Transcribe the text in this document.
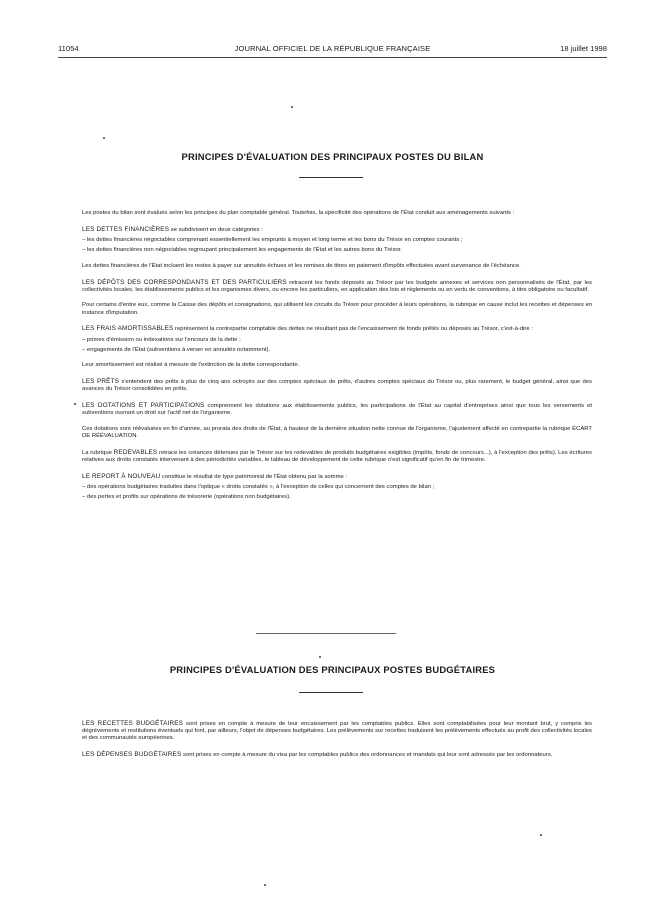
11054	JOURNAL OFFICIEL DE LA RÉPUBLIQUE FRANÇAISE	18 juillet 1998
PRINCIPES D'ÉVALUATION DES PRINCIPAUX POSTES DU BILAN

Les postes du bilan sont évalués selon les principes du plan comptable général. Toutefois, la spécificité des opérations de l'État conduit aux aménagements suivants :

LES DETTES FINANCIÈRES se subdivisent en deux catégories :

– les dettes financières négociables comprenant essentiellement les emprunts à moyen et long terme et les bons du Trésor en comptes courants ;

– les dettes financières non négociables regroupant principalement les engagements de l'État et les autres bons du Trésor.

Les dettes financières de l'État incluent les restes à payer sur annuités échues et les remises de titres en paiement d'impôts effectuées avant survenance de l'échéance.

LES DÉPÔTS DES CORRESPONDANTS ET DES PARTICULIERS retracent les fonds déposés au Trésor par les budgets annexes et services non personnalisés de l'État, par les collectivités locales, les établissements publics et les organismes divers, ou encore les particuliers, en application des lois et règlements ou en vertu de conventions, à titre obligatoire ou facultatif.

Pour certains d'entre eux, comme la Caisse des dépôts et consignations, qui utilisent les circuits du Trésor pour procéder à leurs opérations, la rubrique en cause inclut les recettes et dépenses en instance d'imputation.

LES FRAIS AMORTISSABLES représentent la contrepartie comptable des dettes ne résultant pas de l'encaissement de fonds prêtés ou déposés au Trésor, c'est-à-dire :

– primes d'émission ou indexations sur l'encours de la dette ;

– engagements de l'État (subventions à verser en annuités notamment).

Leur amortissement est réalisé à mesure de l'extinction de la dette correspondante.

LES PRÊTS s'entendent des prêts à plus de cinq ans octroyés sur des comptes spéciaux de prêts, d'autres comptes spéciaux du Trésor ou, plus rarement, le budget général, ainsi que des avances du Trésor consolidées en prêts.

LES DOTATIONS ET PARTICIPATIONS comprennent les dotations aux établissements publics, les participations de l'État au capital d'entreprises ainsi que tous les versements et subventions ouvrant un droit sur l'actif net de l'organisme.

Ces dotations sont réévaluées en fin d'année, au prorata des droits de l'État, à hauteur de la dernière situation nette connue de l'organisme, l'ajustement affecté en contrepartie la rubrique ÉCART DE RÉÉVALUATION.

La rubrique REDEVABLES retrace les créances détenues par le Trésor sur les redevables de produits budgétaires exigibles (impôts, fonds de concours...), à l'exception des prêts). Les écritures relatives aux droits constatés intervenant à des périodicités variables, le tableau de développement de cette rubrique n'est significatif qu'en fin de trimestre.

LE REPORT À NOUVEAU constitue le résultat de type patrimonial de l'État obtenu par la somme :

– des opérations budgétaires traduites dans l'optique « droits constatés », à l'exception de celles qui concernent des comptes de bilan ;

– des pertes et profits sur opérations de trésorerie (opérations non budgétaires).

PRINCIPES D'ÉVALUATION DES PRINCIPAUX POSTES BUDGÉTAIRES

LES RECETTES BUDGÉTAIRES sont prises en compte à mesure de leur encaissement par les comptables publics. Elles sont comptabilisées pour leur montant brut, y compris les dégrèvements et restitutions éventuels qui font, par ailleurs, l'objet de dépenses budgétaires. Les prélèvements sur recettes traduisent les prélèvements effectués au profit des collectivités locales et des communautés européennes.

LES DÉPENSES BUDGÉTAIRES sont prises en compte à mesure du visa par les comptables publics des ordonnances et mandats qui leur sont adressés par les ordonnateurs.
